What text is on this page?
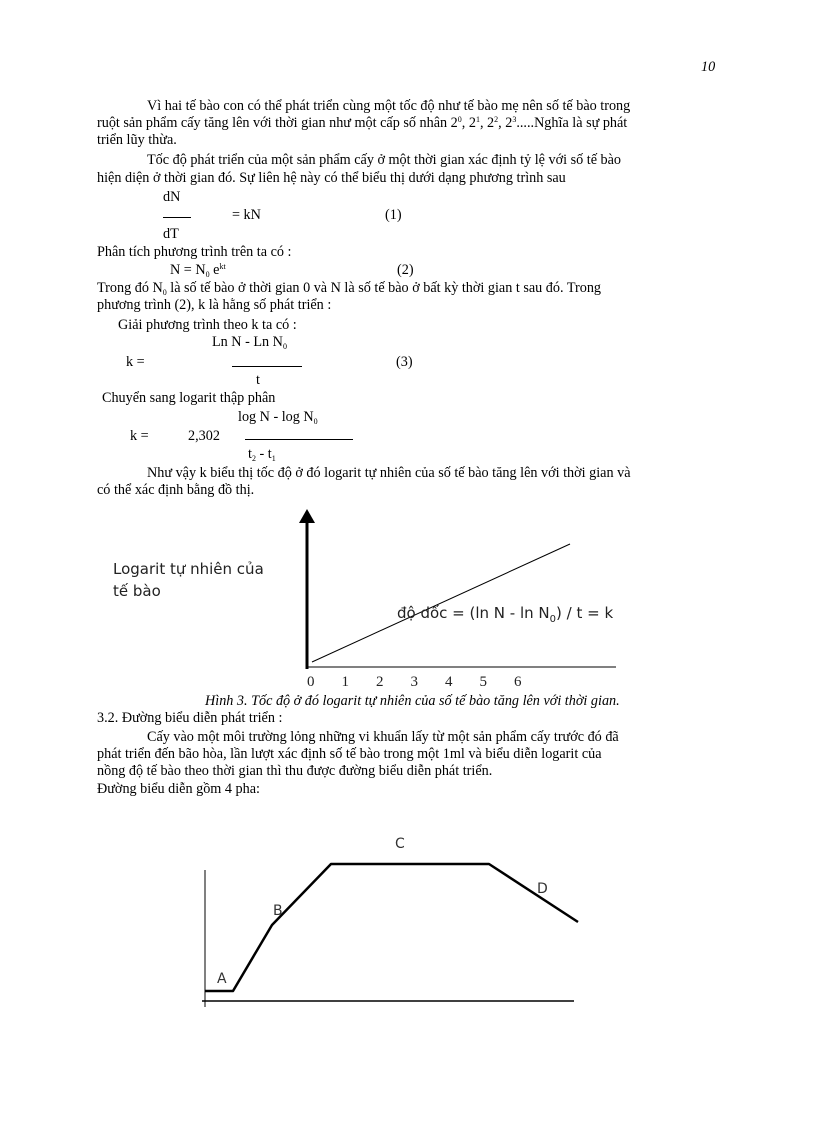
10
Vì hai tế bào con có thể phát triển cùng một tốc độ như tế bào mẹ nên số tế bào trong
ruột sản phẩm cấy tăng lên với thời gian như một cấp số nhân $2^0$, $2^1$, $2^2$, $2^3.....Nghĩa$ là sự phát
triển lũy thừa.
Tốc độ phát triển của một sản phẩm cấy ở một thời gian xác định tỷ lệ với số tế bào
hiện diện ở thời gian đó. Sự liên hệ này có thể biểu thị dưới dạng phương trình sau
dN
dT
= kN	(1)
Phân tích phương trình trên ta có :
$N = N_0$ $e^{kt}$	(2)
Trong đó $N_0$ là số tế bào ở thời gian 0 và N là số tế bào ở bất kỳ thời gian t sau đó. Trong
phương trình (2), k là hằng số phát triển :
Giải phương trình theo k ta có :
Ln N - Ln $N_0$
k =
t
(3)
Chuyển sang logarit thập phân
log N - $\log N_0$
k =	2,302
$t_2 - t_1$
Như vậy k biểu thị tốc độ ở đó logarit tự nhiên của số tế bào tăng lên với thời gian và
có thể xác định bằng đồ thị.
Logarit tự nhiên của
tế bào
độ dốc = (ln $N - \ln N_0) / t = k$
0 1 2 3 4 5 6
Hình 3. Tốc độ ở đó logarit tự nhiên của số tế bào tăng lên với thời gian.
3.2. Đường biểu diễn phát triển :
Cấy vào một môi trường lỏng những vi khuẩn lấy từ một sản phẩm cấy trước đó đã
phát triển đến bão hòa, lần lượt xác định số tế bào trong một 1ml và biểu diễn logarit của
nồng độ tế bào theo thời gian thì thu được đường biểu diễn phát triển.
Đường biểu diễn gồm 4 pha:
A
B
C
D
